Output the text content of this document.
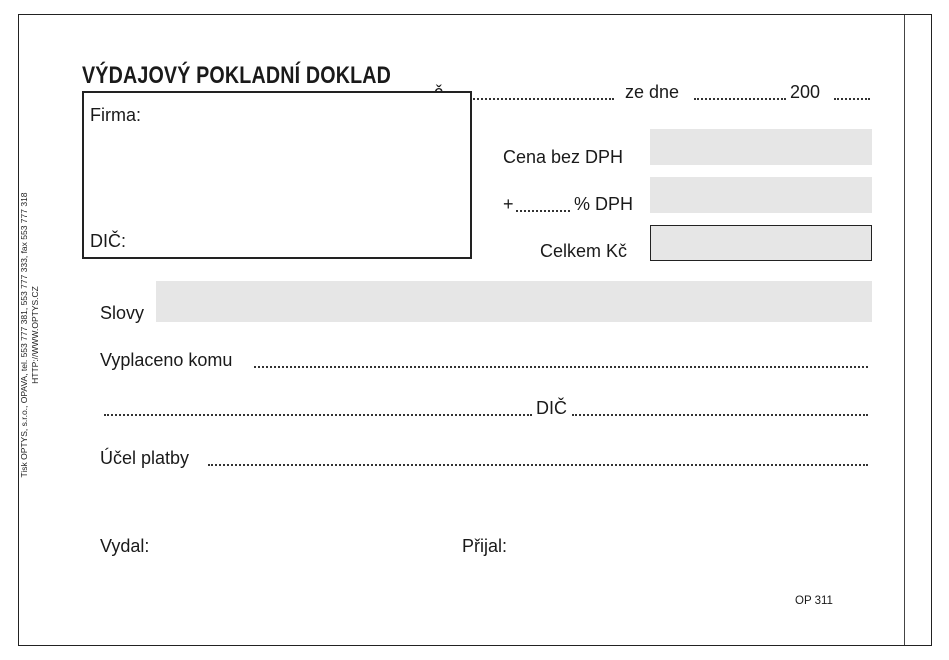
Tisk OPTYS, s.r.o., OPAVA, tel. 553 777 381, 553 777 333, fax 553 777 318 HTTP://WWW.OPTYS.CZ
VÝDAJOVÝ POKLADNÍ DOKLAD
ze dne	200
Firma:
DIČ:
Cena bez DPH
+	% DPH
Celkem Kč
Slovy
Vyplaceno komu
DIČ
Účel platby
Vydal:	Přijal:
OP 311
